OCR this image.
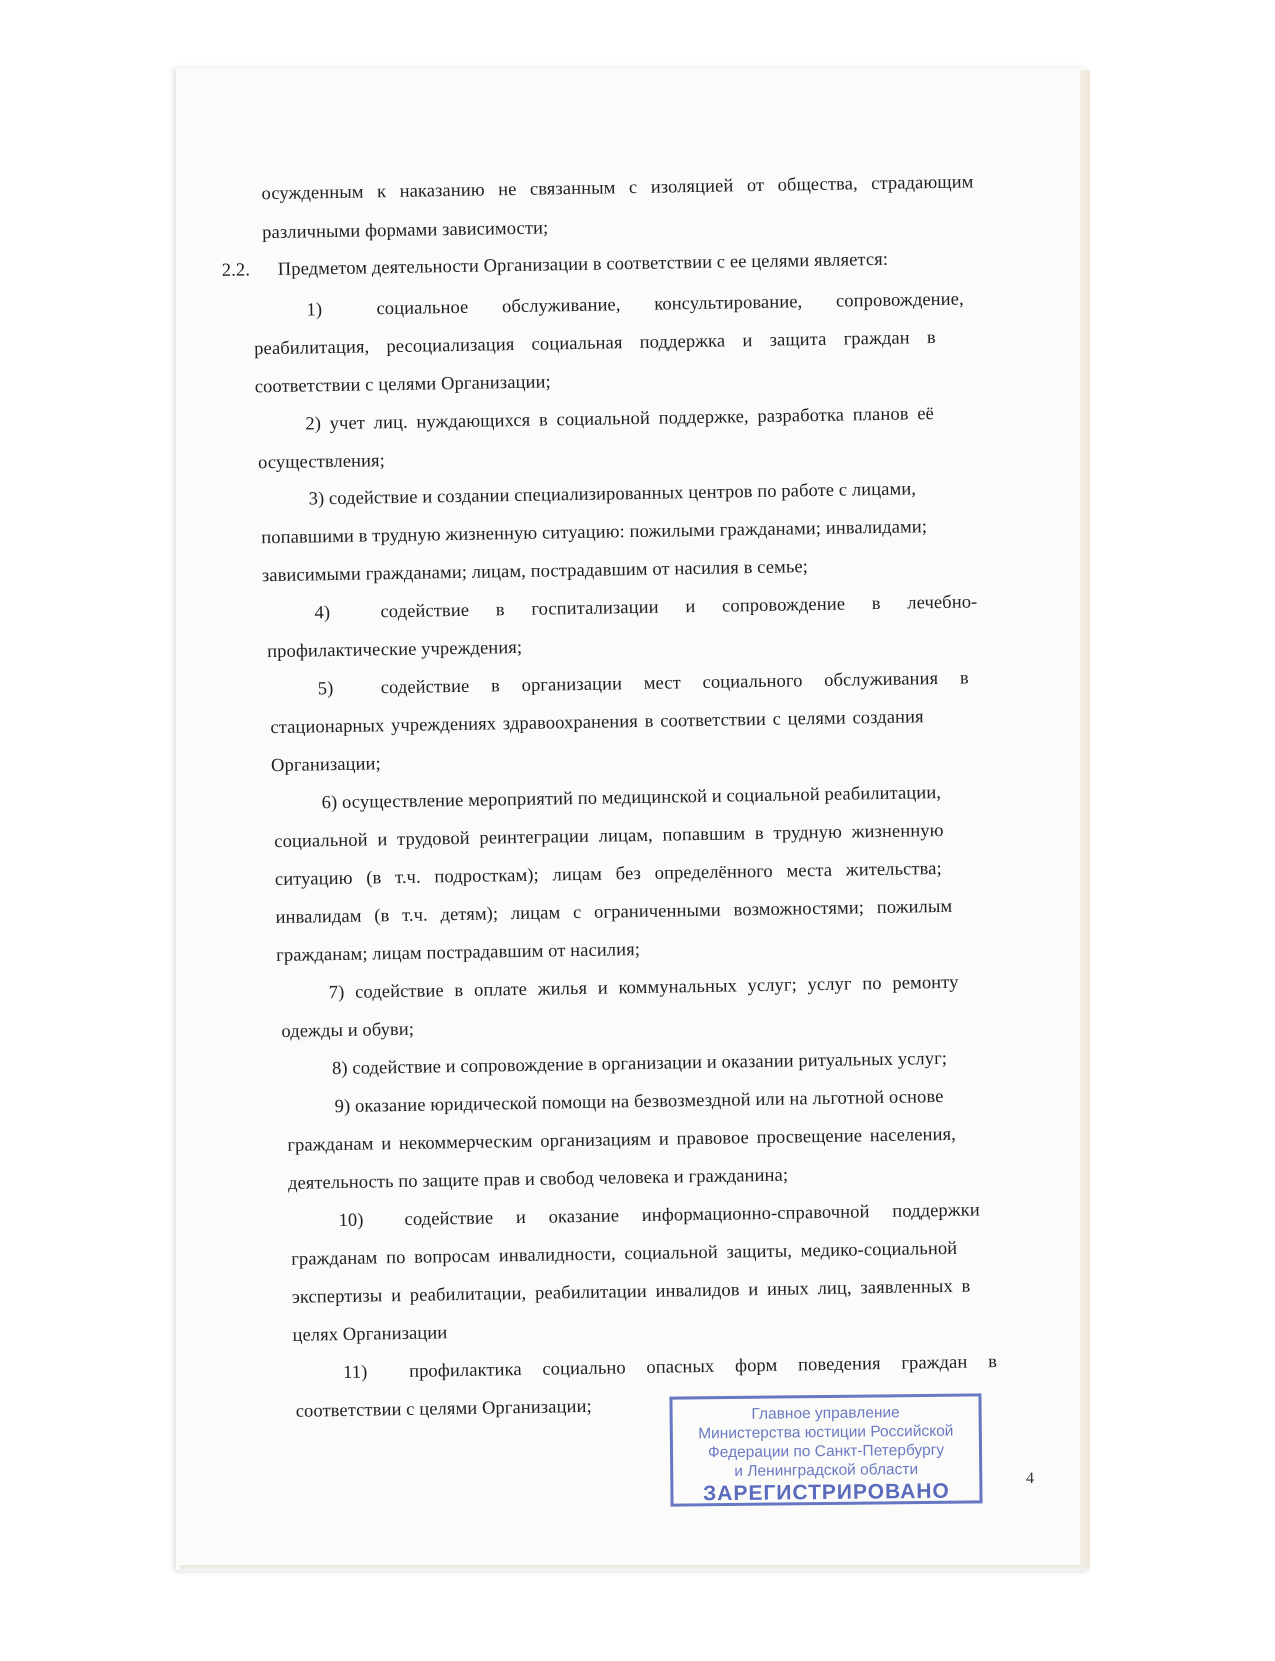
осужденным к наказанию не связанным с изоляцией от общества, страдающим
различными формами зависимости;
2.2. Предметом деятельности Организации в соответствии с ее целями является:
1)	социальное обслуживание, консультирование, сопровождение,
реабилитация, ресоциализация социальная поддержка и защита граждан в
соответствии с целями Организации;
2) учет лиц. нуждающихся в социальной поддержке, разработка планов её
осуществления;
3) содействие и создании специализированных центров по работе с лицами,
попавшими в трудную жизненную ситуацию: пожилыми гражданами; инвалидами;
зависимыми гражданами; лицам, пострадавшим от насилия в семье;
4)	содействие в госпитализации и сопровождение в лечебно-
профилактические учреждения;
5)	содействие в организации мест социального обслуживания в
стационарных учреждениях здравоохранения в соответствии с целями создания
Организации;
6) осуществление мероприятий по медицинской и социальной реабилитации,
социальной и трудовой реинтеграции лицам, попавшим в трудную жизненную
ситуацию (в т.ч. подросткам); лицам без определённого места жительства;
инвалидам (в т.ч. детям); лицам с ограниченными возможностями; пожилым
гражданам; лицам пострадавшим от насилия;
7) содействие в оплате жилья и коммунальных услуг; услуг по ремонту
одежды и обуви;
8) содействие и сопровождение в организации и оказании ритуальных услуг;
9) оказание юридической помощи на безвозмездной или на льготной основе
гражданам и некоммерческим организациям и правовое просвещение населения,
деятельность по защите прав и свобод человека и гражданина;
10) содействие и оказание информационно-справочной поддержки
гражданам по вопросам инвалидности, социальной защиты, медико-социальной
экспертизы и реабилитации, реабилитации инвалидов и иных лиц, заявленных в
целях Организации
11) профилактика социально опасных форм поведения граждан в
соответствии с целями Организации;	Главное управление
Министерства юстиции Российской
Федерации по Санкт-Петербургу
и Ленинградской области
ЗАРЕГИСТРИРОВАНО
4
